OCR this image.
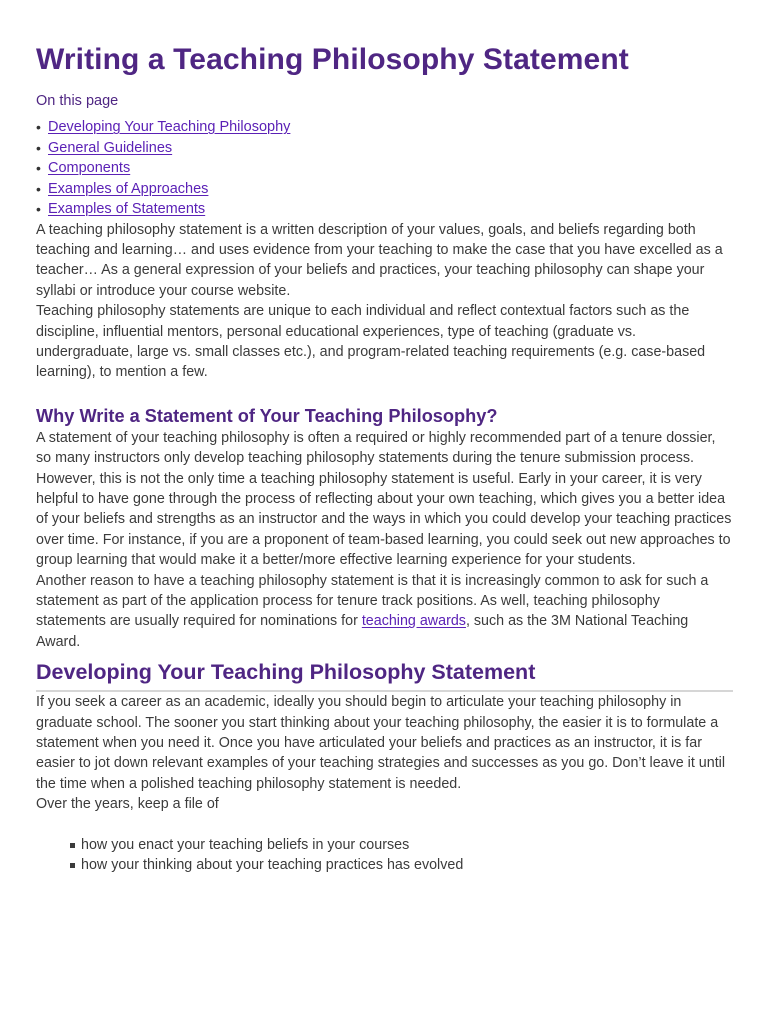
Writing a Teaching Philosophy Statement
On this page
• Developing Your Teaching Philosophy
• General Guidelines
• Components
• Examples of Approaches
• Examples of Statements

A teaching philosophy statement is a written description of your values, goals, and beliefs regarding both teaching and learning… and uses evidence from your teaching to make the case that you have excelled as a teacher… As a general expression of your beliefs and practices, your teaching philosophy can shape your syllabi or introduce your course website.

Teaching philosophy statements are unique to each individual and reflect contextual factors such as the discipline, influential mentors, personal educational experiences, type of teaching (graduate vs. undergraduate, large vs. small classes etc.), and program-related teaching requirements (e.g. case-based learning), to mention a few.

Why Write a Statement of Your Teaching Philosophy?

A statement of your teaching philosophy is often a required or highly recommended part of a tenure dossier, so many instructors only develop teaching philosophy statements during the tenure submission process. However, this is not the only time a teaching philosophy statement is useful. Early in your career, it is very helpful to have gone through the process of reflecting about your own teaching, which gives you a better idea of your beliefs and strengths as an instructor and the ways in which you could develop your teaching practices over time. For instance, if you are a proponent of team-based learning, you could seek out new approaches to group learning that would make it a better/more effective learning experience for your students.

Another reason to have a teaching philosophy statement is that it is increasingly common to ask for such a statement as part of the application process for tenure track positions. As well, teaching philosophy statements are usually required for nominations for teaching awards, such as the 3M National Teaching Award.

Developing Your Teaching Philosophy Statement

If you seek a career as an academic, ideally you should begin to articulate your teaching philosophy in graduate school. The sooner you start thinking about your teaching philosophy, the easier it is to formulate a statement when you need it. Once you have articulated your beliefs and practices as an instructor, it is far easier to jot down relevant examples of your teaching strategies and successes as you go. Don’t leave it until the time when a polished teaching philosophy statement is needed.

Over the years, keep a file of

how you enact your teaching beliefs in your courses
how your thinking about your teaching practices has evolved
